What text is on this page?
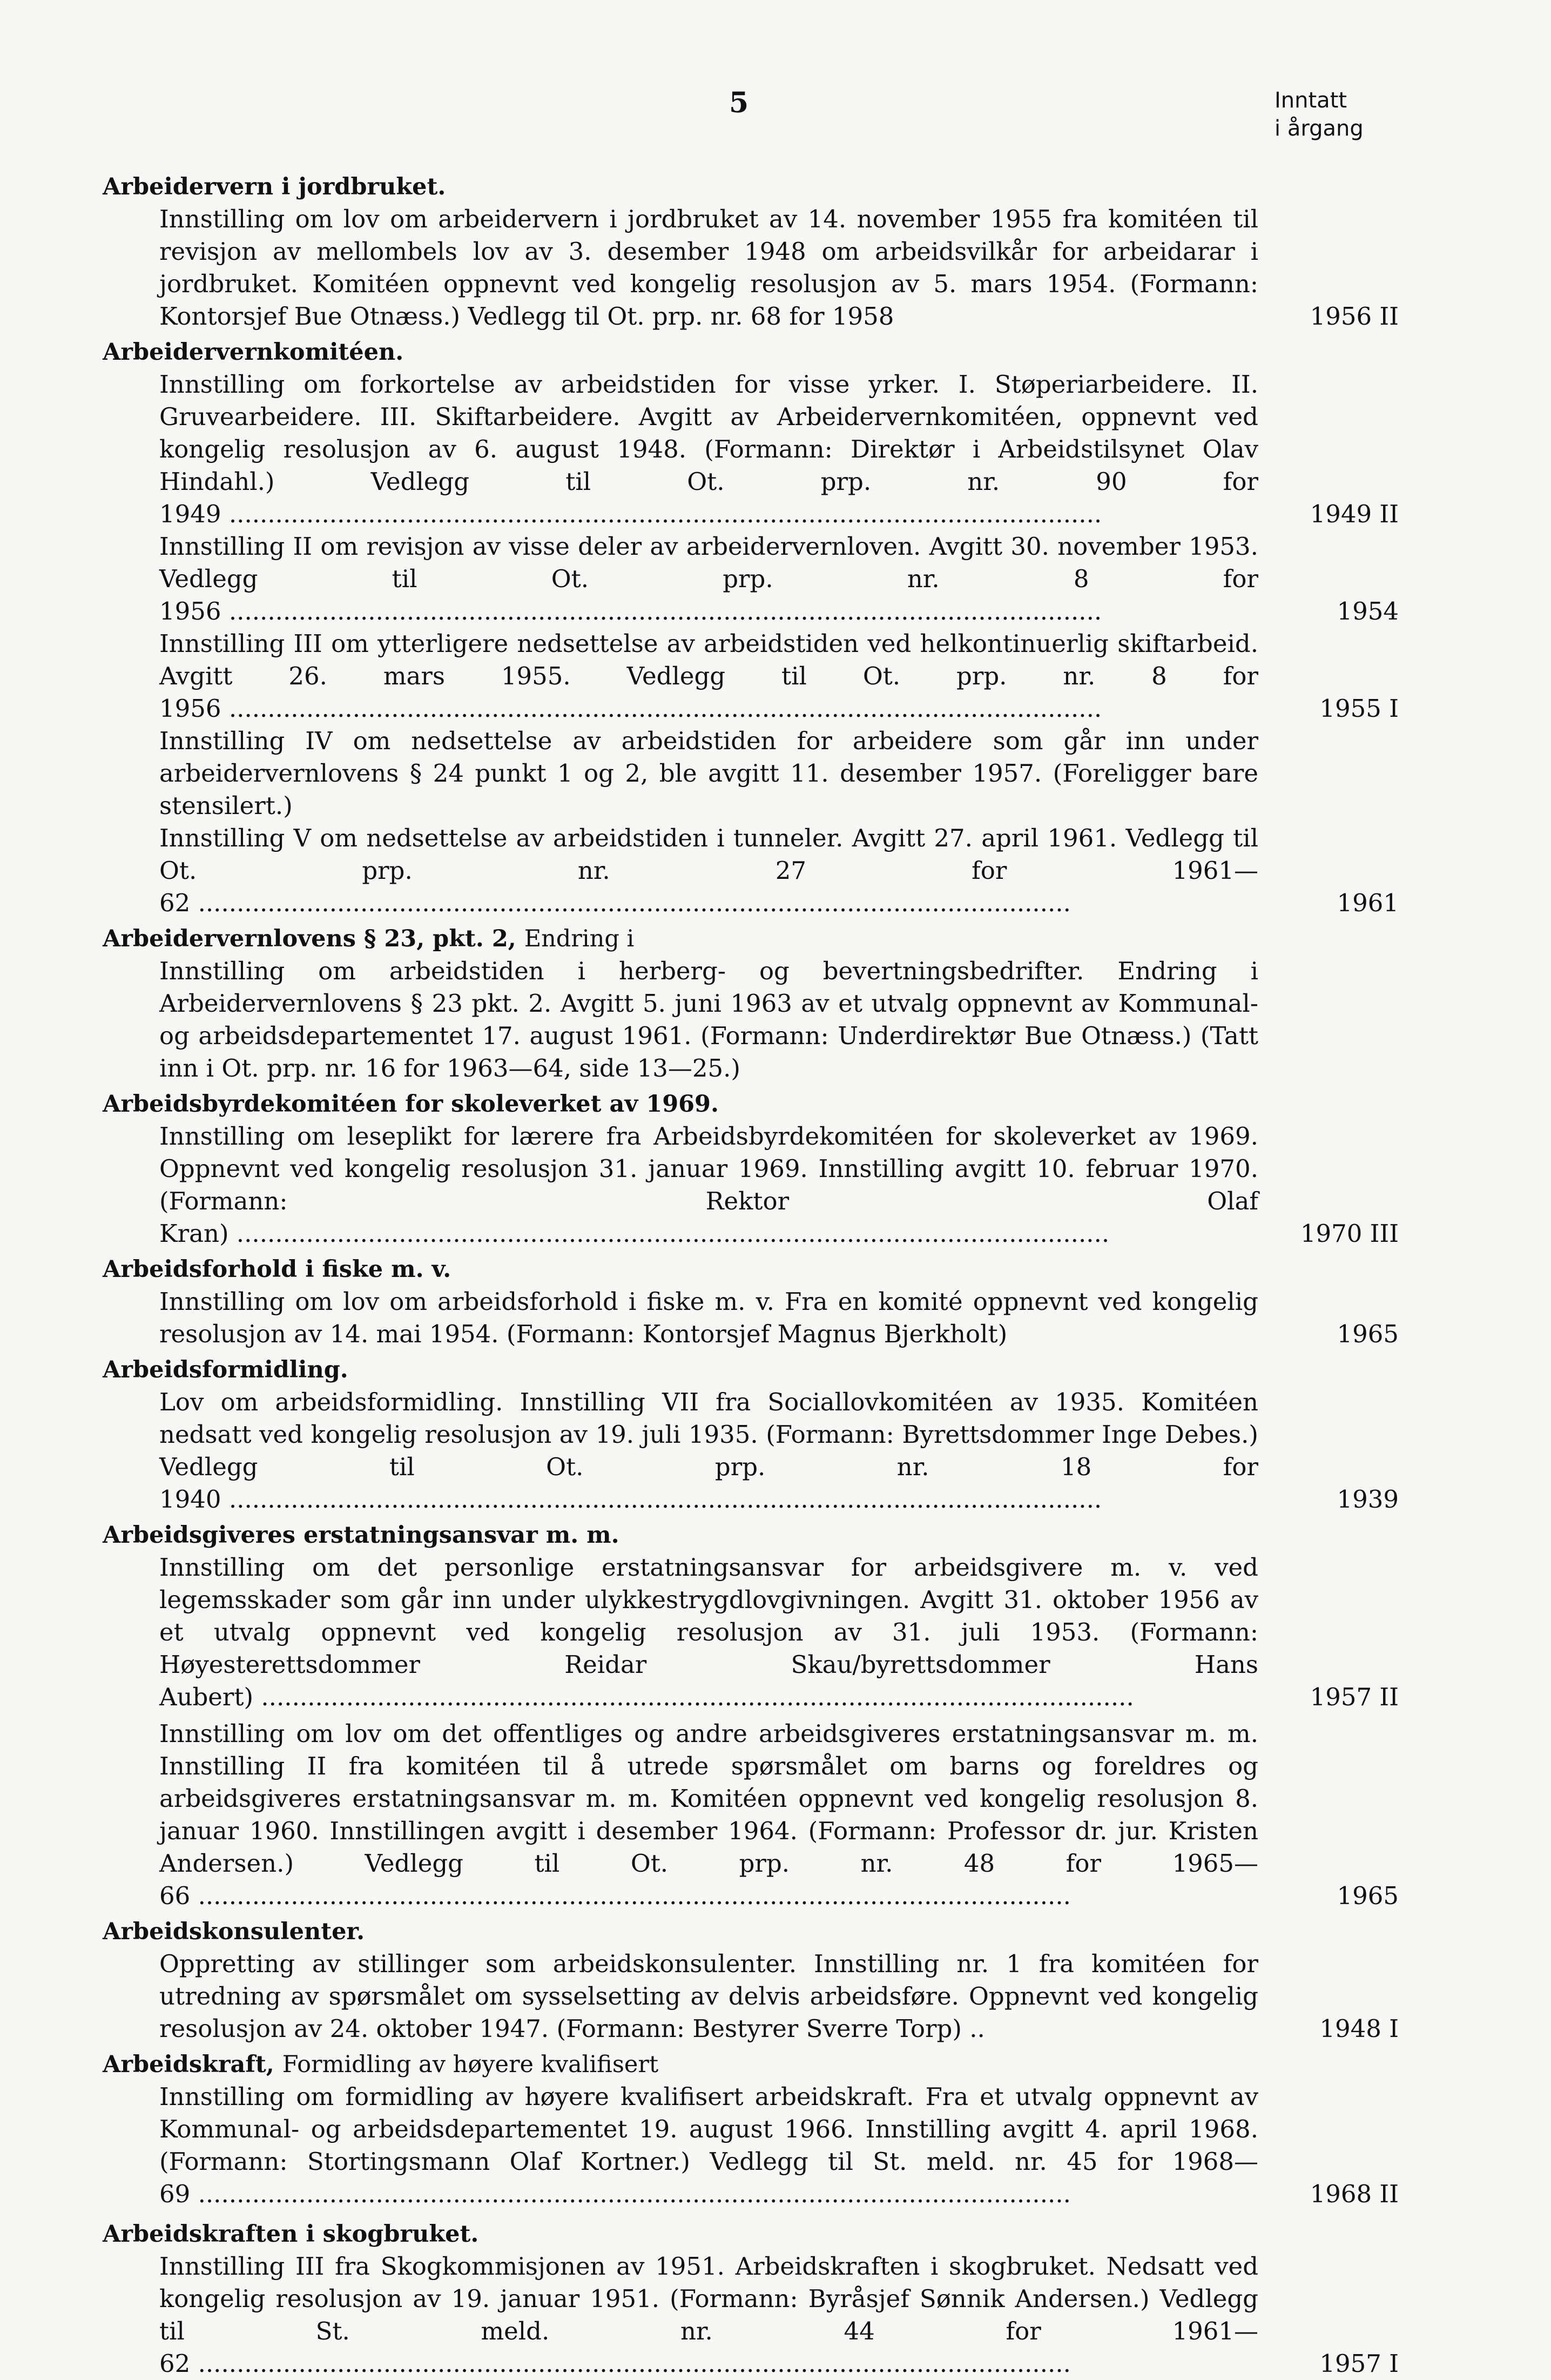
5	Inntatt
i årgang
Arbeidervern i jordbruket.
Innstilling om lov om arbeidervern i jordbruket av 14. november 1955 fra komitéen til revisjon av mellombels lov av 3. desember 1948 om arbeidsvilkår for arbeidarar i jordbruket. Komitéen oppnevnt ved kongelig resolusjon av 5. mars 1954. (Formann: Kontorsjef Bue Otnæss.) Vedlegg til Ot. prp. nr. 68 for 1958	1956 II
Arbeidervernkomitéen.
Innstilling om forkortelse av arbeidstiden for visse yrker. I. Støperiarbeidere. II. Gruvearbeidere. III. Skiftarbeidere. Avgitt av Arbeidervernkomitéen, oppnevnt ved kongelig resolusjon av 6. august 1948. (Formann: Direktør i Arbeidstilsynet Olav Hindahl.) Vedlegg til Ot. prp. nr. 90 for 1949 .....	1949 II
Innstilling II om revisjon av visse deler av arbeidervernloven. Avgitt 30. november 1953. Vedlegg til Ot. prp. nr. 8 for 1956 .....	1954
Innstilling III om ytterligere nedsettelse av arbeidstiden ved helkontinuerlig skiftarbeid. Avgitt 26. mars 1955. Vedlegg til Ot. prp. nr. 8 for 1956 .....	1955 I
Innstilling IV om nedsettelse av arbeidstiden for arbeidere som går inn under arbeidervernlovens § 24 punkt 1 og 2, ble avgitt 11. desember 1957. (Foreligger bare stensilert.)
Innstilling V om nedsettelse av arbeidstiden i tunneler. Avgitt 27. april 1961. Vedlegg til Ot. prp. nr. 27 for 1961—62 .....	1961
Arbeidervernlovens § 23, pkt. 2, Endring i
Innstilling om arbeidstiden i herberg- og bevertningsbedrifter. Endring i Arbeidervernlovens § 23 pkt. 2. Avgitt 5. juni 1963 av et utvalg oppnevnt av Kommunal- og arbeidsdepartementet 17. august 1961. (Formann: Underdirektør Bue Otnæss.) (Tatt inn i Ot. prp. nr. 16 for 1963—64, side 13—25.)
Arbeidsbyrdekomitéen for skoleverket av 1969.
Innstilling om leseplikt for lærere fra Arbeidsbyrdekomitéen for skoleverket av 1969. Oppnevnt ved kongelig resolusjon 31. januar 1969. Innstilling avgitt 10. februar 1970. (Formann: Rektor Olaf Kran) .....	1970 III
Arbeidsforhold i fiske m. v.
Innstilling om lov om arbeidsforhold i fiske m. v. Fra en komité oppnevnt ved kongelig resolusjon av 14. mai 1954. (Formann: Kontorsjef Magnus Bjerkholt)	1965
Arbeidsformidling.
Lov om arbeidsformidling. Innstilling VII fra Sociallovkomitéen av 1935. Komitéen nedsatt ved kongelig resolusjon av 19. juli 1935. (Formann: Byrettsdommer Inge Debes.) Vedlegg til Ot. prp. nr. 18 for 1940 .....	1939
Arbeidsgiveres erstatningsansvar m. m.
Innstilling om det personlige erstatningsansvar for arbeidsgivere m. v. ved legemsskader som går inn under ulykkestrygdlovgivningen. Avgitt 31. oktober 1956 av et utvalg oppnevnt ved kongelig resolusjon av 31. juli 1953. (Formann: Høyesterettsdommer Reidar Skau/byrettsdommer Hans Aubert) .....	1957 II
Innstilling om lov om det offentliges og andre arbeidsgiveres erstatningsansvar m. m. Innstilling II fra komitéen til å utrede spørsmålet om barns og foreldres og arbeidsgiveres erstatningsansvar m. m. Komitéen oppnevnt ved kongelig resolusjon 8. januar 1960. Innstillingen avgitt i desember 1964. (Formann: Professor dr. jur. Kristen Andersen.) Vedlegg til Ot. prp. nr. 48 for 1965—66 .....	1965
Arbeidskonsulenter.
Oppretting av stillinger som arbeidskonsulenter. Innstilling nr. 1 fra komitéen for utredning av spørsmålet om sysselsetting av delvis arbeidsføre. Oppnevnt ved kongelig resolusjon av 24. oktober 1947. (Formann: Bestyrer Sverre Torp) ..	1948 I
Arbeidskraft, Formidling av høyere kvalifisert
Innstilling om formidling av høyere kvalifisert arbeidskraft. Fra et utvalg oppnevnt av Kommunal- og arbeidsdepartementet 19. august 1966. Innstilling avgitt 4. april 1968. (Formann: Stortingsmann Olaf Kortner.) Vedlegg til St. meld. nr. 45 for 1968—69 .....	1968 II
Arbeidskraften i skogbruket.
Innstilling III fra Skogkommisjonen av 1951. Arbeidskraften i skogbruket. Nedsatt ved kongelig resolusjon av 19. januar 1951. (Formann: Byråsjef Sønnik Andersen.) Vedlegg til St. meld. nr. 44 for 1961—62 .....	1957 I
